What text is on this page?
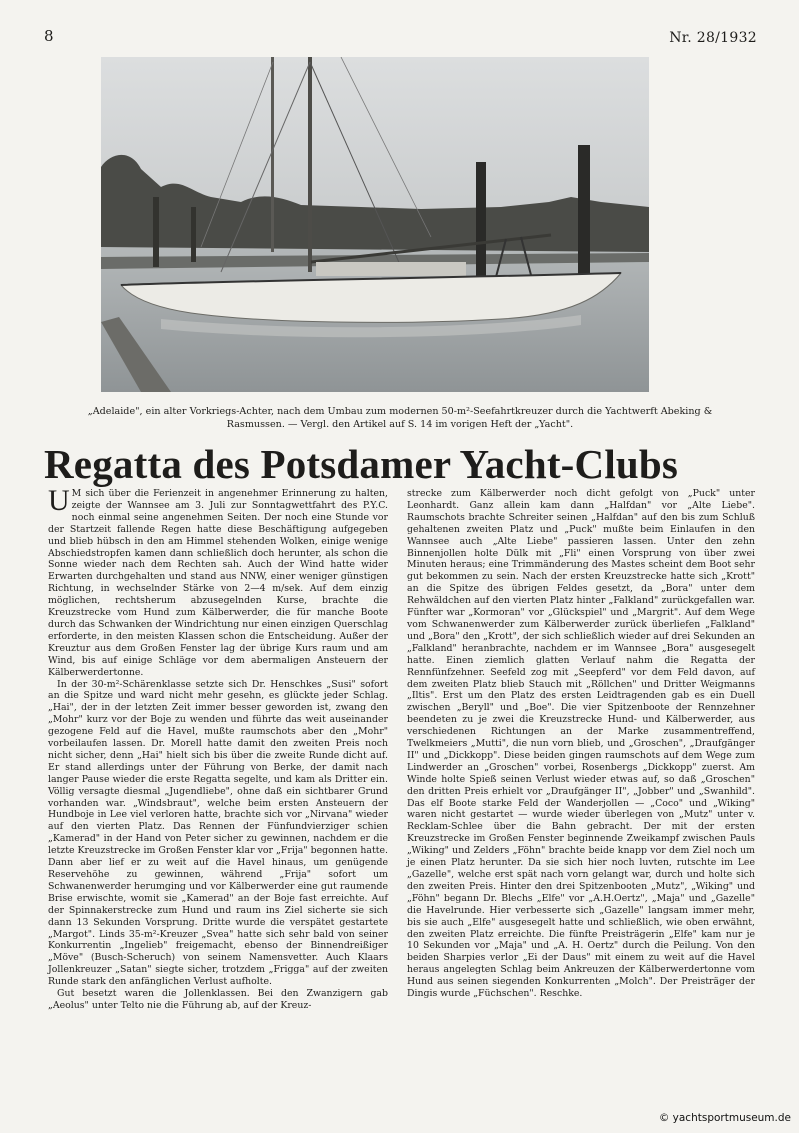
8	Nr. 28/1932
„Adelaide", ein alter Vorkriegs-Achter, nach dem Umbau zum modernen 50-m²-Seefahrtkreuzer durch die Yachtwerft Abeking & Rasmussen. — Vergl. den Artikel auf S. 14 im vorigen Heft der „Yacht".
Regatta des Potsdamer Yacht-Clubs

U M sich über die Ferienzeit in angenehmer Erinnerung zu halten, zeigte der Wannsee am 3. Juli zur Sonntagwettfahrt des P.Y.C. noch einmal seine angenehmen Seiten. Der noch eine Stunde vor der Startzeit fallende Regen hatte diese Beschäftigung aufgegeben und blieb hübsch in den am Himmel stehenden Wolken, einige wenige Abschiedstropfen kamen dann schließlich doch herunter, als schon die Sonne wieder nach dem Rechten sah. Auch der Wind hatte wider Erwarten durchgehalten und stand aus NNW, einer weniger günstigen Richtung, in wechselnder Stärke von 2—4 m/sek. Auf dem einzig möglichen, rechtsherum abzusegelnden Kurse, brachte die Kreuzstrecke vom Hund zum Kälberwerder, die für manche Boote durch das Schwanken der Windrichtung nur einen einzigen Querschlag erforderte, in den meisten Klassen schon die Entscheidung. Außer der Kreuztur aus dem Großen Fenster lag der übrige Kurs raum und am Wind, bis auf einige Schläge vor dem abermaligen Ansteuern der Kälberwerdertonne.

In der 30-m²-Schärenklasse setzte sich Dr. Henschkes „Susi" sofort an die Spitze und ward nicht mehr gesehn, es glückte jeder Schlag. „Hai", der in der letzten Zeit immer besser geworden ist, zwang den „Mohr" kurz vor der Boje zu wenden und führte das weit auseinander gezogene Feld auf die Havel, mußte raumschots aber den „Mohr" vorbeilaufen lassen. Dr. Morell hatte damit den zweiten Preis noch nicht sicher, denn „Hai" hielt sich bis über die zweite Runde dicht auf. Er stand allerdings unter der Führung von Berke, der damit nach langer Pause wieder die erste Regatta segelte, und kam als Dritter ein. Völlig versagte diesmal „Jugendliebe", ohne daß ein sichtbarer Grund vorhanden war. „Windsbraut", welche beim ersten Ansteuern der Hundboje in Lee viel verloren hatte, brachte sich vor „Nirvana" wieder auf den vierten Platz. Das Rennen der Fünfundvierziger schien „Kamerad" in der Hand von Peter sicher zu gewinnen, nachdem er die letzte Kreuzstrecke im Großen Fenster klar vor „Frija" begonnen hatte. Dann aber lief er zu weit auf die Havel hinaus, um genügende Reservehöhe zu gewinnen, während „Frija" sofort um Schwanenwerder herumging und vor Kälberwerder eine gut raumende Brise erwischte, womit sie „Kamerad" an der Boje fast erreichte. Auf der Spinnakerstrecke zum Hund und raum ins Ziel sicherte sie sich dann 13 Sekunden Vorsprung. Dritte wurde die verspätet gestartete „Margot". Linds 35-m²-Kreuzer „Svea" hatte sich sehr bald von seiner Konkurrentin „Ingelieb" freigemacht, ebenso der Binnendreißiger „Möve" (Busch-Scheruch) von seinem Namensvetter. Auch Klaars Jollenkreuzer „Satan" siegte sicher, trotzdem „Frigga" auf der zweiten Runde stark den anfänglichen Verlust aufholte.

Gut besetzt waren die Jollenklassen. Bei den Zwanzigern gab „Aeolus" unter Telto nie die Führung ab, auf der Kreuz-

strecke zum Kälberwerder noch dicht gefolgt von „Puck" unter Leonhardt. Ganz allein kam dann „Halfdan" vor „Alte Liebe". Raumschots brachte Schreiter seinen „Halfdan" auf den bis zum Schluß gehaltenen zweiten Platz und „Puck" mußte beim Einlaufen in den Wannsee auch „Alte Liebe" passieren lassen. Unter den zehn Binnenjollen holte Dülk mit „Fli" einen Vorsprung von über zwei Minuten heraus; eine Trimmänderung des Mastes scheint dem Boot sehr gut bekommen zu sein. Nach der ersten Kreuzstrecke hatte sich „Krott" an die Spitze des übrigen Feldes gesetzt, da „Bora" unter dem Rehwäldchen auf den vierten Platz hinter „Falkland" zurückgefallen war. Fünfter war „Kormoran" vor „Glückspiel" und „Margrit". Auf dem Wege vom Schwanenwerder zum Kälberwerder zurück überliefen „Falkland" und „Bora" den „Krott", der sich schließlich wieder auf drei Sekunden an „Falkland" heranbrachte, nachdem er im Wannsee „Bora" ausgesegelt hatte. Einen ziemlich glatten Verlauf nahm die Regatta der Rennfünfzehner. Seefeld zog mit „Seepferd" vor dem Feld davon, auf dem zweiten Platz blieb Stauch mit „Röllchen" und Dritter Weigmanns „Iltis". Erst um den Platz des ersten Leidtragenden gab es ein Duell zwischen „Beryll" und „Boe". Die vier Spitzenboote der Rennzehner beendeten zu je zwei die Kreuzstrecke Hund- und Kälberwerder, aus verschiedenen Richtungen an der Marke zusammentreffend, Twelkmeiers „Mutti", die nun vorn blieb, und „Groschen", „Draufgänger II" und „Dickkopp". Diese beiden gingen raumschots auf dem Wege zum Lindwerder an „Groschen" vorbei, Rosenbergs „Dickkopp" zuerst. Am Winde holte Spieß seinen Verlust wieder etwas auf, so daß „Groschen" den dritten Preis erhielt vor „Draufgänger II", „Jobber" und „Swanhild". Das elf Boote starke Feld der Wanderjollen — „Coco" und „Wiking" waren nicht gestartet — wurde wieder überlegen von „Mutz" unter v. Recklam-Schlee über die Bahn gebracht. Der mit der ersten Kreuzstrecke im Großen Fenster beginnende Zweikampf zwischen Pauls „Wiking" und Zelders „Föhn" brachte beide knapp vor dem Ziel noch um je einen Platz herunter. Da sie sich hier noch luvten, rutschte im Lee „Gazelle", welche erst spät nach vorn gelangt war, durch und holte sich den zweiten Preis. Hinter den drei Spitzenbooten „Mutz", „Wiking" und „Föhn" begann Dr. Blechs „Elfe" vor „A.H.Oertz", „Maja" und „Gazelle" die Havelrunde. Hier verbesserte sich „Gazelle" langsam immer mehr, bis sie auch „Elfe" ausgesegelt hatte und schließlich, wie oben erwähnt, den zweiten Platz erreichte. Die fünfte Preisträgerin „Elfe" kam nur je 10 Sekunden vor „Maja" und „A. H. Oertz" durch die Peilung. Von den beiden Sharpies verlor „Ei der Daus" mit einem zu weit auf die Havel heraus angelegten Schlag beim Ankreuzen der Kälberwerdertonne vom Hund aus seinen siegenden Konkurrenten „Molch". Der Preisträger der Dingis wurde „Füchschen". Reschke.

© yachtsportmuseum.de
